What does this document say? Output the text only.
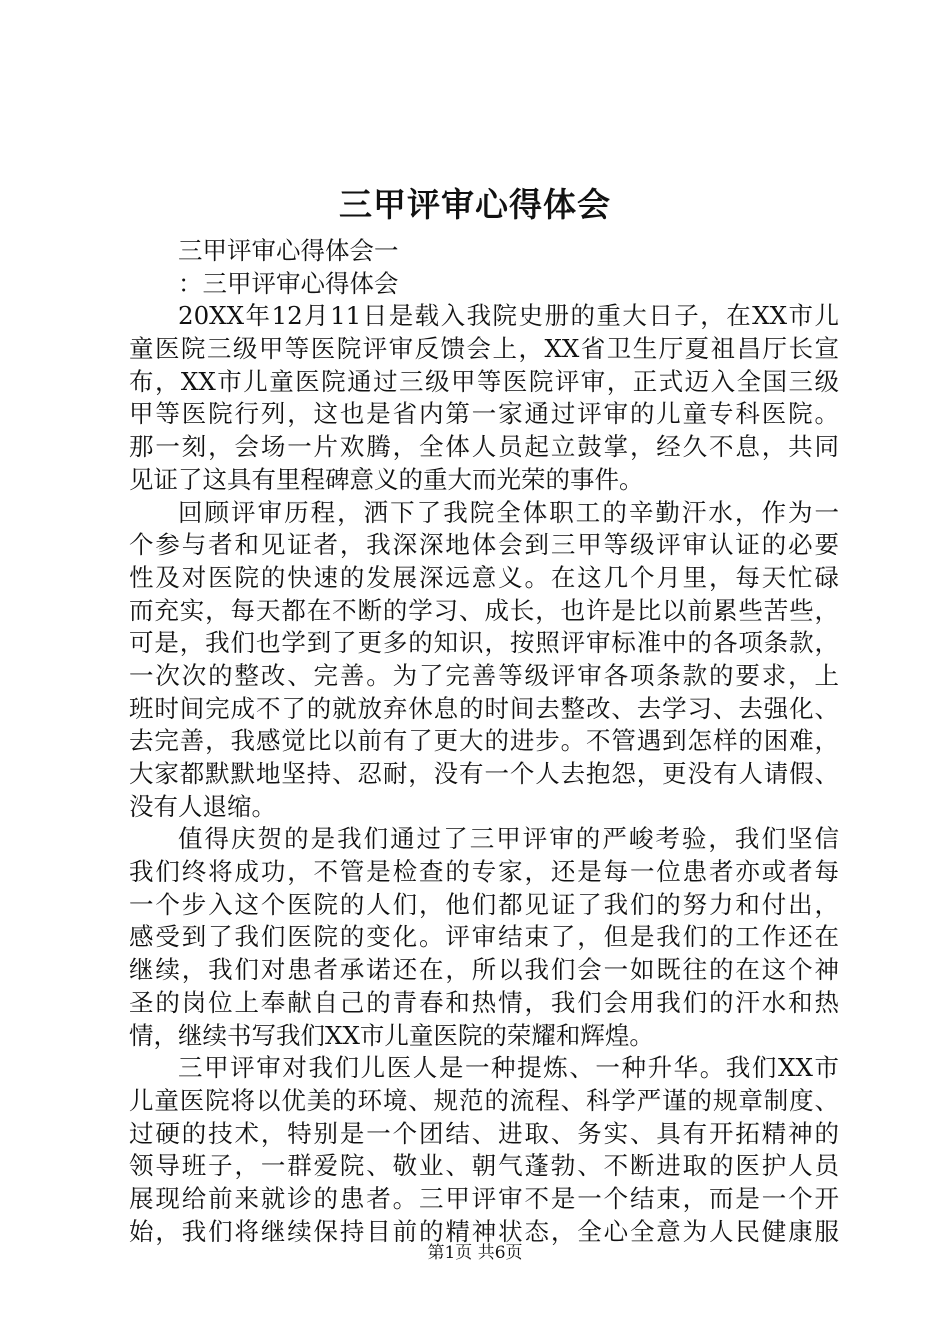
三甲评审心得体会
三甲评审心得体会一
：三甲评审心得体会
20XX年12月11日是载入我院史册的重大日子，在XX市儿
童医院三级甲等医院评审反馈会上，XX省卫生厅夏祖昌厅长宣
布，XX市儿童医院通过三级甲等医院评审，正式迈入全国三级
甲等医院行列，这也是省内第一家通过评审的儿童专科医院。
那一刻，会场一片欢腾，全体人员起立鼓掌，经久不息，共同
见证了这具有里程碑意义的重大而光荣的事件。
回顾评审历程，洒下了我院全体职工的辛勤汗水，作为一
个参与者和见证者，我深深地体会到三甲等级评审认证的必要
性及对医院的快速的发展深远意义。在这几个月里，每天忙碌
而充实，每天都在不断的学习、成长，也许是比以前累些苦些，
可是，我们也学到了更多的知识，按照评审标准中的各项条款，
一次次的整改、完善。为了完善等级评审各项条款的要求，上
班时间完成不了的就放弃休息的时间去整改、去学习、去强化、
去完善，我感觉比以前有了更大的进步。不管遇到怎样的困难，
大家都默默地坚持、忍耐，没有一个人去抱怨，更没有人请假、
没有人退缩。
值得庆贺的是我们通过了三甲评审的严峻考验，我们坚信
我们终将成功，不管是检查的专家，还是每一位患者亦或者每
一个步入这个医院的人们，他们都见证了我们的努力和付出，
感受到了我们医院的变化。评审结束了，但是我们的工作还在
继续，我们对患者承诺还在，所以我们会一如既往的在这个神
圣的岗位上奉献自己的青春和热情，我们会用我们的汗水和热
情，继续书写我们XX市儿童医院的荣耀和辉煌。
三甲评审对我们儿医人是一种提炼、一种升华。我们XX市
儿童医院将以优美的环境、规范的流程、科学严谨的规章制度、
过硬的技术，特别是一个团结、进取、务实、具有开拓精神的
领导班子，一群爱院、敬业、朝气蓬勃、不断进取的医护人员
展现给前来就诊的患者。三甲评审不是一个结束，而是一个开
始，我们将继续保持目前的精神状态，全心全意为人民健康服
第1页 共6页
